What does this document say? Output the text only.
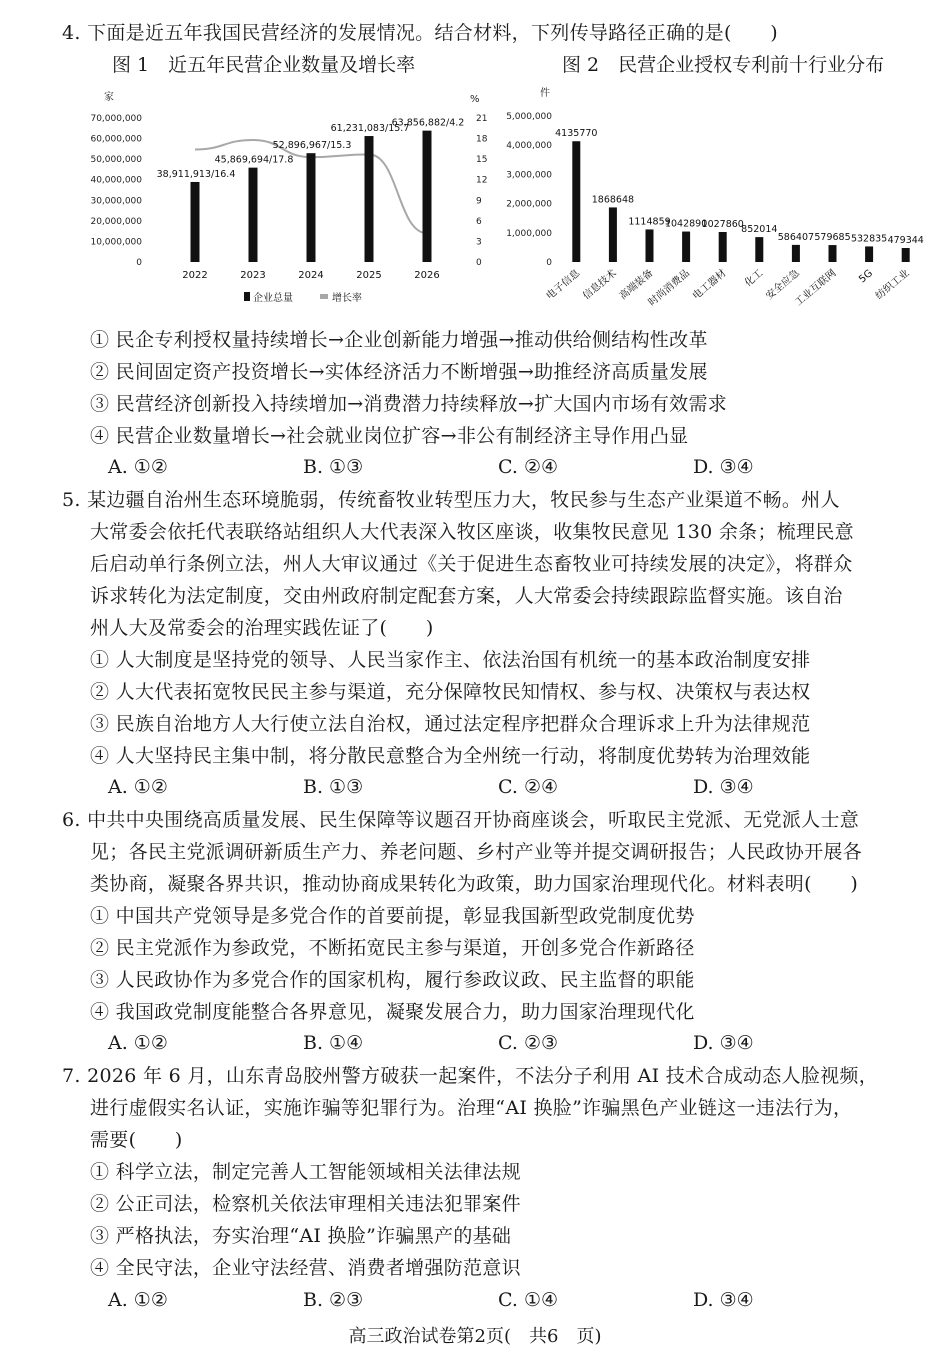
4. 下面是近五年我国民营经济的发展情况。结合材料，下列传导路径正确的是(　　)
图 1　近五年民营企业数量及增长率	图 2　民营企业授权专利前十行业分布
家	%
0
10,000,000
20,000,000
30,000,000
40,000,000
50,000,000
60,000,000
70,000,000
0
3
6
9
12
15
18
21
38,911,913/16.4
2022
45,869,694/17.8
2023
52,896,967/15.3
2024
61,231,083/15.7
2025
63,856,882/4.2
2026
企业总量	增长率
件
0
1,000,000
2,000,000
3,000,000
4,000,000
5,000,000
4135770
电子信息
1868648
信息技术
1114859
高端装备
1042890
时尚消费品
1027860
电工器材
852014
化工
586407
安全应急
579685
工业互联网
532835
5G
479344
纺织工业
① 民企专利授权量持续增长→企业创新能力增强→推动供给侧结构性改革
② 民间固定资产投资增长→实体经济活力不断增强→助推经济高质量发展
③ 民营经济创新投入持续增加→消费潜力持续释放→扩大国内市场有效需求
④ 民营企业数量增长→社会就业岗位扩容→非公有制经济主导作用凸显
A. ①②	B. ①③	C. ②④	D. ③④
5. 某边疆自治州生态环境脆弱，传统畜牧业转型压力大，牧民参与生态产业渠道不畅。州人
大常委会依托代表联络站组织人大代表深入牧区座谈，收集牧民意见 130 余条；梳理民意
后启动单行条例立法，州人大审议通过《关于促进生态畜牧业可持续发展的决定》，将群众
诉求转化为法定制度，交由州政府制定配套方案，人大常委会持续跟踪监督实施。该自治
州人大及常委会的治理实践佐证了(　　)
① 人大制度是坚持党的领导、人民当家作主、依法治国有机统一的基本政治制度安排
② 人大代表拓宽牧民民主参与渠道，充分保障牧民知情权、参与权、决策权与表达权
③ 民族自治地方人大行使立法自治权，通过法定程序把群众合理诉求上升为法律规范
④ 人大坚持民主集中制，将分散民意整合为全州统一行动，将制度优势转为治理效能
A. ①②	B. ①③	C. ②④	D. ③④
6. 中共中央围绕高质量发展、民生保障等议题召开协商座谈会，听取民主党派、无党派人士意
见；各民主党派调研新质生产力、养老问题、乡村产业等并提交调研报告；人民政协开展各
类协商，凝聚各界共识，推动协商成果转化为政策，助力国家治理现代化。材料表明(　　)
① 中国共产党领导是多党合作的首要前提，彰显我国新型政党制度优势
② 民主党派作为参政党，不断拓宽民主参与渠道，开创多党合作新路径
③ 人民政协作为多党合作的国家机构，履行参政议政、民主监督的职能
④ 我国政党制度能整合各界意见，凝聚发展合力，助力国家治理现代化
A. ①②	B. ①④	C. ②③	D. ③④
7. 2026 年 6 月，山东青岛胶州警方破获一起案件，不法分子利用 AI 技术合成动态人脸视频，
进行虚假实名认证，实施诈骗等犯罪行为。治理“AI 换脸”诈骗黑色产业链这一违法行为，
需要(　　)
① 科学立法，制定完善人工智能领域相关法律法规
② 公正司法，检察机关依法审理相关违法犯罪案件
③ 严格执法，夯实治理“AI 换脸”诈骗黑产的基础
④ 全民守法，企业守法经营、消费者增强防范意识
A. ①②	B. ②③	C. ①④	D. ③④
高三政治试卷第2页(　共6　页)
